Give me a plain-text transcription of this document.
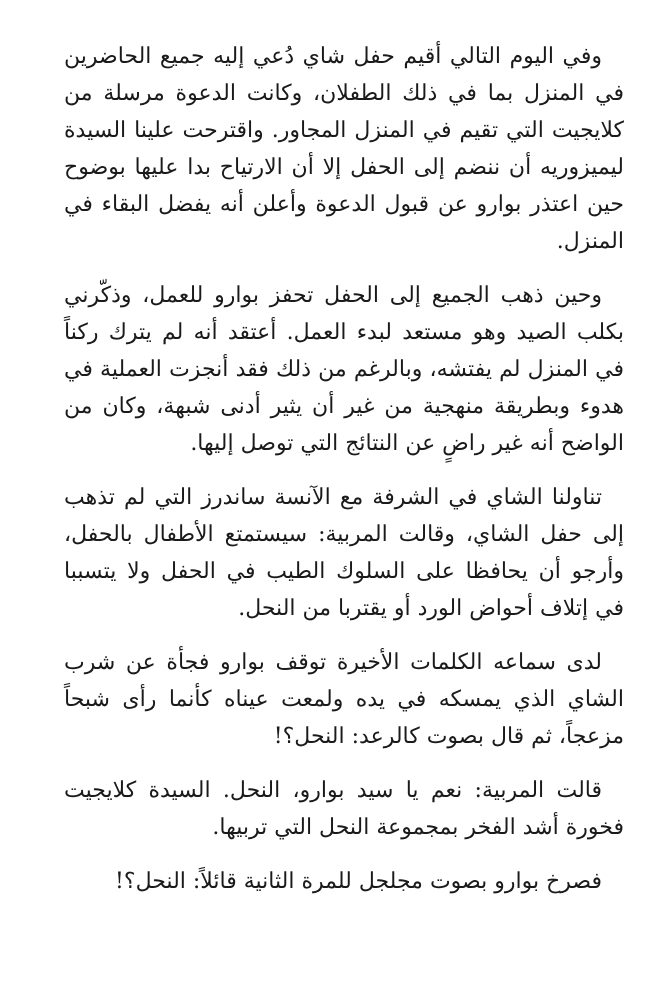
وفي اليوم التالي أقيم حفل شاي دُعي إليه جميع الحاضرين في المنزل بما في ذلك الطفلان، وكانت الدعوة مرسلة من كلايجيت التي تقيم في المنزل المجاور. واقترحت علينا السيدة ليميزوريه أن ننضم إلى الحفل إلا أن الارتياح بدا عليها بوضوح حين اعتذر بوارو عن قبول الدعوة وأعلن أنه يفضل البقاء في المنزل.

وحين ذهب الجميع إلى الحفل تحفز بوارو للعمل، وذكّرني بكلب الصيد وهو مستعد لبدء العمل. أعتقد أنه لم يترك ركناً في المنزل لم يفتشه، وبالرغم من ذلك فقد أنجزت العملية في هدوء وبطريقة منهجية من غير أن يثير أدنى شبهة، وكان من الواضح أنه غير راضٍ عن النتائج التي توصل إليها.

تناولنا الشاي في الشرفة مع الآنسة ساندرز التي لم تذهب إلى حفل الشاي، وقالت المربية: سيستمتع الأطفال بالحفل، وأرجو أن يحافظا على السلوك الطيب في الحفل ولا يتسببا في إتلاف أحواض الورد أو يقتربا من النحل.

لدى سماعه الكلمات الأخيرة توقف بوارو فجأة عن شرب الشاي الذي يمسكه في يده ولمعت عيناه كأنما رأى شبحاً مزعجاً، ثم قال بصوت كالرعد: النحل؟!

قالت المربية: نعم يا سيد بوارو، النحل. السيدة كلايجيت فخورة أشد الفخر بمجموعة النحل التي تربيها.

فصرخ بوارو بصوت مجلجل للمرة الثانية قائلاً: النحل؟!
